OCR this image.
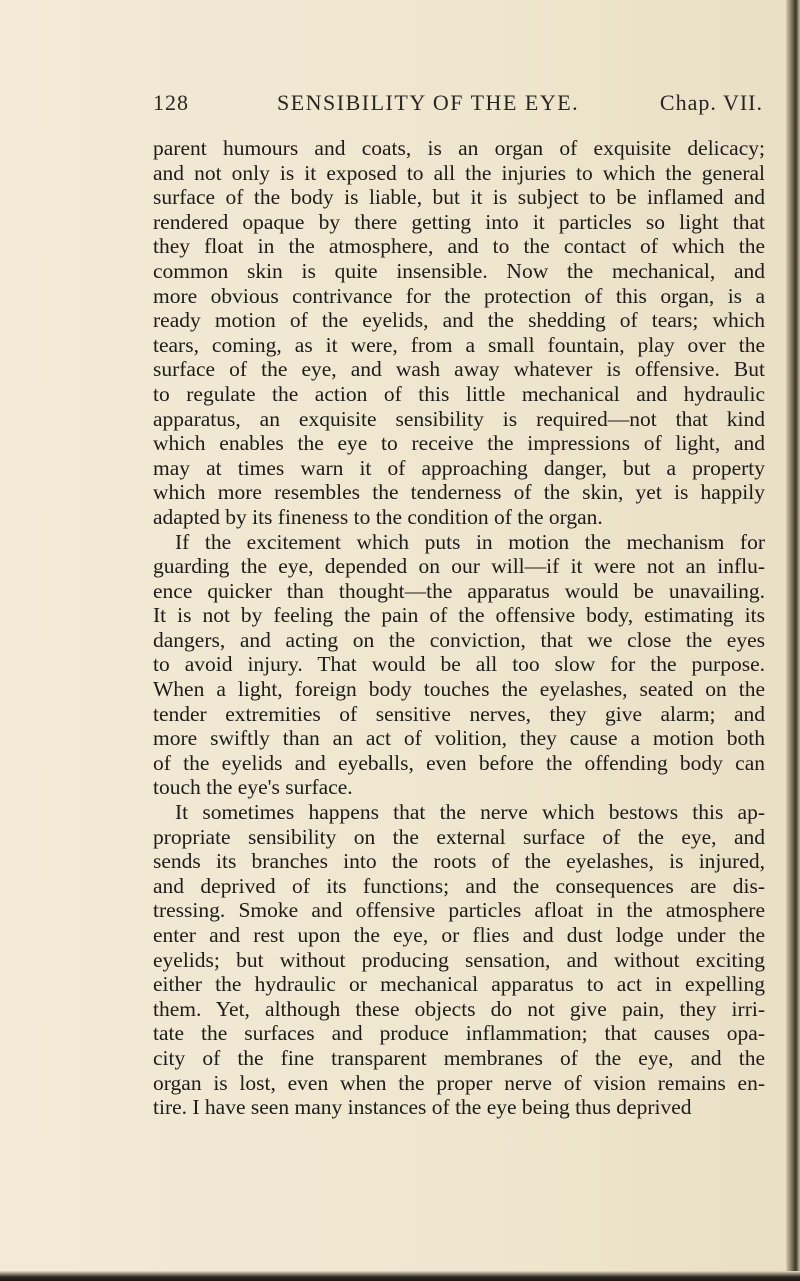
128	SENSIBILITY OF THE EYE.	Chap. VII.

parent humours and coats, is an organ of exquisite delicacy;
and not only is it exposed to all the injuries to which the general
surface of the body is liable, but it is subject to be inflamed and
rendered opaque by there getting into it particles so light that
they float in the atmosphere, and to the contact of which the
common skin is quite insensible. Now the mechanical, and
more obvious contrivance for the protection of this organ, is a
ready motion of the eyelids, and the shedding of tears; which
tears, coming, as it were, from a small fountain, play over the
surface of the eye, and wash away whatever is offensive. But
to regulate the action of this little mechanical and hydraulic
apparatus, an exquisite sensibility is required—not that kind
which enables the eye to receive the impressions of light, and
may at times warn it of approaching danger, but a property
which more resembles the tenderness of the skin, yet is happily
adapted by its fineness to the condition of the organ.

If the excitement which puts in motion the mechanism for
guarding the eye, depended on our will—if it were not an influ-
ence quicker than thought—the apparatus would be unavailing.
It is not by feeling the pain of the offensive body, estimating its
dangers, and acting on the conviction, that we close the eyes
to avoid injury. That would be all too slow for the purpose.
When a light, foreign body touches the eyelashes, seated on the
tender extremities of sensitive nerves, they give alarm; and
more swiftly than an act of volition, they cause a motion both
of the eyelids and eyeballs, even before the offending body can
touch the eye's surface.

It sometimes happens that the nerve which bestows this ap-
propriate sensibility on the external surface of the eye, and
sends its branches into the roots of the eyelashes, is injured,
and deprived of its functions; and the consequences are dis-
tressing. Smoke and offensive particles afloat in the atmosphere
enter and rest upon the eye, or flies and dust lodge under the
eyelids; but without producing sensation, and without exciting
either the hydraulic or mechanical apparatus to act in expelling
them. Yet, although these objects do not give pain, they irri-
tate the surfaces and produce inflammation; that causes opa-
city of the fine transparent membranes of the eye, and the
organ is lost, even when the proper nerve of vision remains en-
tire. I have seen many instances of the eye being thus deprived
